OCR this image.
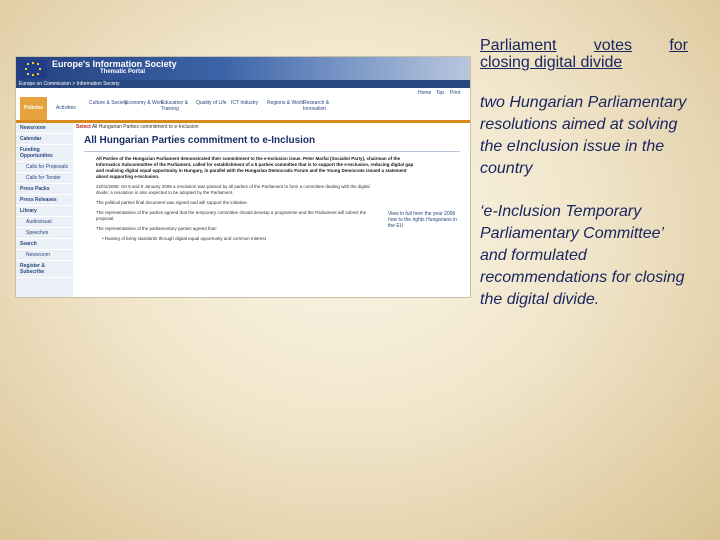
Europe's Information Society
Thematic Portal
Europe on Commission > Information Society
Home Top Print
Policies	Activities
Culture & Society
Economy & Work
Education & Training
Quality of Life ICT Industry	Regions & World
Research & Innovation
Newsroom
Calendar
Funding Opportunities
Calls for Proposals
Calls for Tender
Press Packs
Press Releases
Library
Audiovisual
Speeches
Search
Newsroom
Register & Subscribe
Select All Hungarian Parties commitment to e-Inclusion
All Hungarian Parties commitment to e-Inclusion
All Parties of the Hungarian Parliament demonstrated their commitment to the e-Inclusion issue. Peter Marfai (Socialist Party), chairman of the Informatics Subcommittee of the Parliament, called for establishment of a 5 parties committee that is to support the e-Inclusion, reducing digital gap and realising digital equal opportunity in Hungary, in parallel with the Hungarian Democratic Forum and the Young Democrats issued a statement about supporting e-Inclusion.
22/01/2008: On 8 and 9 January 2008 a resolution was passed by all parties of the Parliament to form a committee dealing with the digital divide; a resolution is also expected to be adopted by the Parliament.
The political parties final document was signed and will support the initiative.
The representatives of the parties agreed that the temporary committee should develop a programme and the Parliament will submit the proposal.
The representatives of the parliamentary parties agreed that:
• Raising of living standards through digital equal opportunity and common interest
View in full here the year 2008 how to the rights Hungarians in the EU
Parliament votes for
closing digital divide
two Hungarian Parliamentary resolutions aimed at solving the eInclusion issue in the country
‘e-Inclusion Temporary Parliamentary Committee’ and formulated recommendations for closing the digital divide.
